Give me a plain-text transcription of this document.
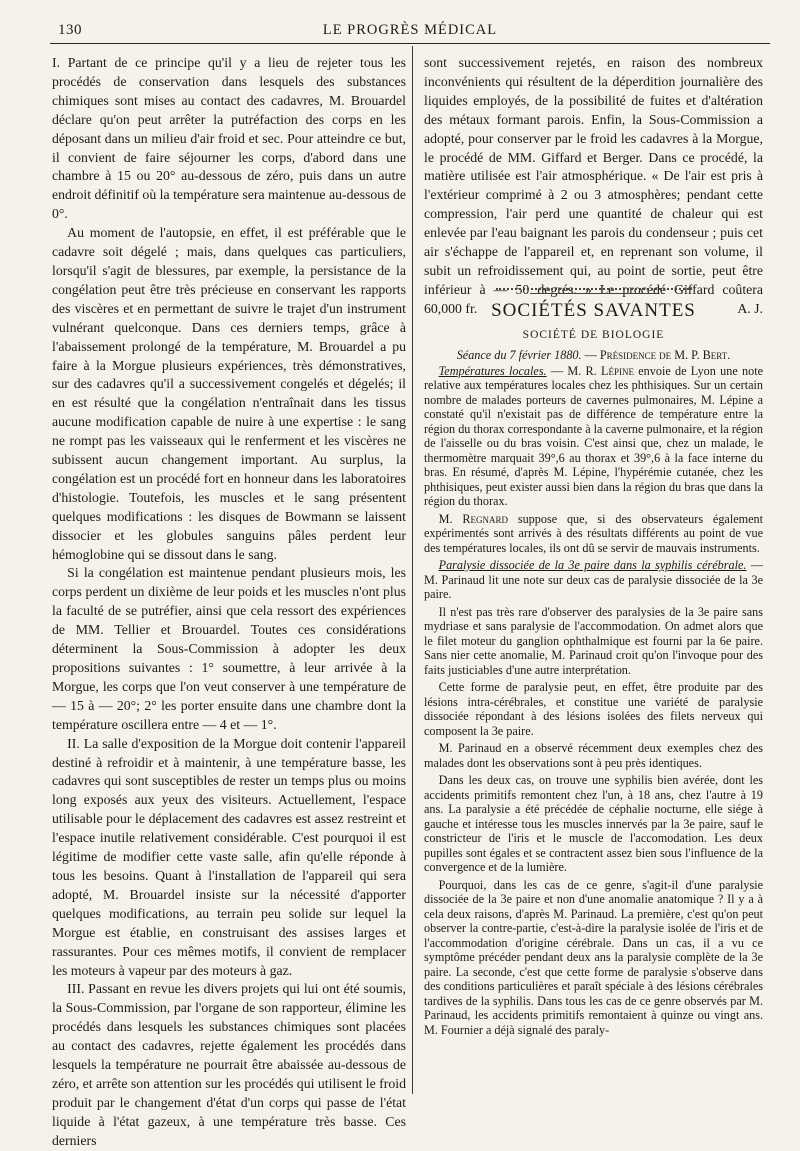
130	LE PROGRÈS MÉDICAL

I. Partant de ce principe qu'il y a lieu de rejeter tous les procédés de conservation dans lesquels des substances chimiques sont mises au contact des cadavres, M. Brouardel déclare qu'on peut arrêter la putréfaction des corps en les déposant dans un milieu d'air froid et sec. Pour atteindre ce but, il convient de faire séjourner les corps, d'abord dans une chambre à 15 ou 20° au-dessous de zéro, puis dans un autre endroit définitif où la température sera maintenue au-dessous de 0°.

Au moment de l'autopsie, en effet, il est préférable que le cadavre soit dégelé ; mais, dans quelques cas particuliers, lorsqu'il s'agit de blessures, par exemple, la persistance de la congélation peut être très précieuse en conservant les rapports des viscères et en permettant de suivre le trajet d'un instrument vulnérant quelconque. Dans ces derniers temps, grâce à l'abaissement prolongé de la température, M. Brouardel a pu faire à la Morgue plusieurs expériences, très démonstratives, sur des cadavres qu'il a successivement congelés et dégelés; il en est résulté que la congélation n'entraînait dans les tissus aucune modification capable de nuire à une expertise : le sang ne rompt pas les vaisseaux qui le renferment et les viscères ne subissent aucun changement important. Au surplus, la congélation est un procédé fort en honneur dans les laboratoires d'histologie. Toutefois, les muscles et le sang présentent quelques modifications : les disques de Bowmann se laissent dissocier et les globules sanguins pâles perdent leur hémoglobine qui se dissout dans le sang.

Si la congélation est maintenue pendant plusieurs mois, les corps perdent un dixième de leur poids et les muscles n'ont plus la faculté de se putréfier, ainsi que cela ressort des expériences de MM. Tellier et Brouardel. Toutes ces considérations déterminent la Sous-Commission à adopter les deux propositions suivantes : 1° soumettre, à leur arrivée à la Morgue, les corps que l'on veut conserver à une température de — 15 à — 20°; 2° les porter ensuite dans une chambre dont la température oscillera entre — 4 et — 1°.

II. La salle d'exposition de la Morgue doit contenir l'appareil destiné à refroidir et à maintenir, à une température basse, les cadavres qui sont susceptibles de rester un temps plus ou moins long exposés aux yeux des visiteurs. Actuellement, l'espace utilisable pour le déplacement des cadavres est assez restreint et l'espace inutile relativement considérable. C'est pourquoi il est légitime de modifier cette vaste salle, afin qu'elle réponde à tous les besoins. Quant à l'installation de l'appareil qui sera adopté, M. Brouardel insiste sur la nécessité d'apporter quelques modifications, au terrain peu solide sur lequel la Morgue est établie, en construisant des assises larges et rassurantes. Pour ces mêmes motifs, il convient de remplacer les moteurs à vapeur par des moteurs à gaz.

III. Passant en revue les divers projets qui lui ont été soumis, la Sous-Commission, par l'organe de son rapporteur, élimine les procédés dans lesquels les substances chimiques sont placées au contact des cadavres, rejette également les procédés dans lesquels la température ne pourrait être abaissée au-dessous de zéro, et arrête son attention sur les procédés qui utilisent le froid produit par le changement d'état d'un corps qui passe de l'état liquide à l'état gazeux, à une température très basse. Ces derniers

sont successivement rejetés, en raison des nombreux inconvénients qui résultent de la déperdition journalière des liquides employés, de la possibilité de fuites et d'altération des métaux formant parois. Enfin, la Sous-Commission a adopté, pour conserver par le froid les cadavres à la Morgue, le procédé de MM. Giffard et Berger. Dans ce procédé, la matière utilisée est l'air atmosphérique. « De l'air est pris à l'extérieur comprimé à 2 ou 3 atmosphères; pendant cette compression, l'air perd une quantité de chaleur qui est enlevée par l'eau baignant les parois du condenseur ; puis cet air s'échappe de l'appareil et, en reprenant son volume, il subit un refroidissement qui, au point de sortie, peut être inférieur à — 50 degrés. » Le procédé Giffard coûtera 60,000 fr.	A. J.

SOCIÉTÉS SAVANTES
SOCIÉTÉ DE BIOLOGIE

Séance du 7 février 1880. — Présidence de M. P. Bert.

Températures locales. — M. R. Lépine envoie de Lyon une note relative aux températures locales chez les phthisiques. Sur un certain nombre de malades porteurs de cavernes pulmonaires, M. Lépine a constaté qu'il n'existait pas de différence de température entre la région du thorax correspondante à la caverne pulmonaire, et la région de l'aisselle ou du bras voisin. C'est ainsi que, chez un malade, le thermomètre marquait 39°,6 au thorax et 39°,6 à la face interne du bras. En résumé, d'après M. Lépine, l'hypérémie cutanée, chez les phthisiques, peut exister aussi bien dans la région du bras que dans la région du thorax.

M. Regnard suppose que, si des observateurs également expérimentés sont arrivés à des résultats différents au point de vue des températures locales, ils ont dû se servir de mauvais instruments.

Paralysie dissociée de la 3e paire dans la syphilis cérébrale. — M. Parinaud lit une note sur deux cas de paralysie dissociée de la 3e paire.

Il n'est pas très rare d'observer des paralysies de la 3e paire sans mydriase et sans paralysie de l'accommodation. On admet alors que le filet moteur du ganglion ophthalmique est fourni par la 6e paire. Sans nier cette anomalie, M. Parinaud croit qu'on l'invoque pour des faits justiciables d'une autre interprétation.

Cette forme de paralysie peut, en effet, être produite par des lésions intra-cérébrales, et constitue une variété de paralysie dissociée répondant à des lésions isolées des filets nerveux qui composent la 3e paire.

M. Parinaud en a observé récemment deux exemples chez des malades dont les observations sont à peu près identiques.

Dans les deux cas, on trouve une syphilis bien avérée, dont les accidents primitifs remontent chez l'un, à 18 ans, chez l'autre à 19 ans. La paralysie a été précédée de céphalie nocturne, elle siége à gauche et intéresse tous les muscles innervés par la 3e paire, sauf le constricteur de l'iris et le muscle de l'accomodation. Les deux pupilles sont égales et se contractent assez bien sous l'influence de la convergence et de la lumière.

Pourquoi, dans les cas de ce genre, s'agit-il d'une paralysie dissociée de la 3e paire et non d'une anomalie anatomique ? Il y a à cela deux raisons, d'après M. Parinaud. La première, c'est qu'on peut observer la contre-partie, c'est-à-dire la paralysie isolée de l'iris et de l'accommodation d'origine cérébrale. Dans un cas, il a vu ce symptôme précéder pendant deux ans la paralysie complète de la 3e paire. La seconde, c'est que cette forme de paralysie s'observe dans des conditions particulières et paraît spéciale à des lésions cérébrales tardives de la syphilis. Dans tous les cas de ce genre observés par M. Parinaud, les accidents primitifs remontaient à quinze ou vingt ans. M. Fournier a déjà signalé des paraly-
